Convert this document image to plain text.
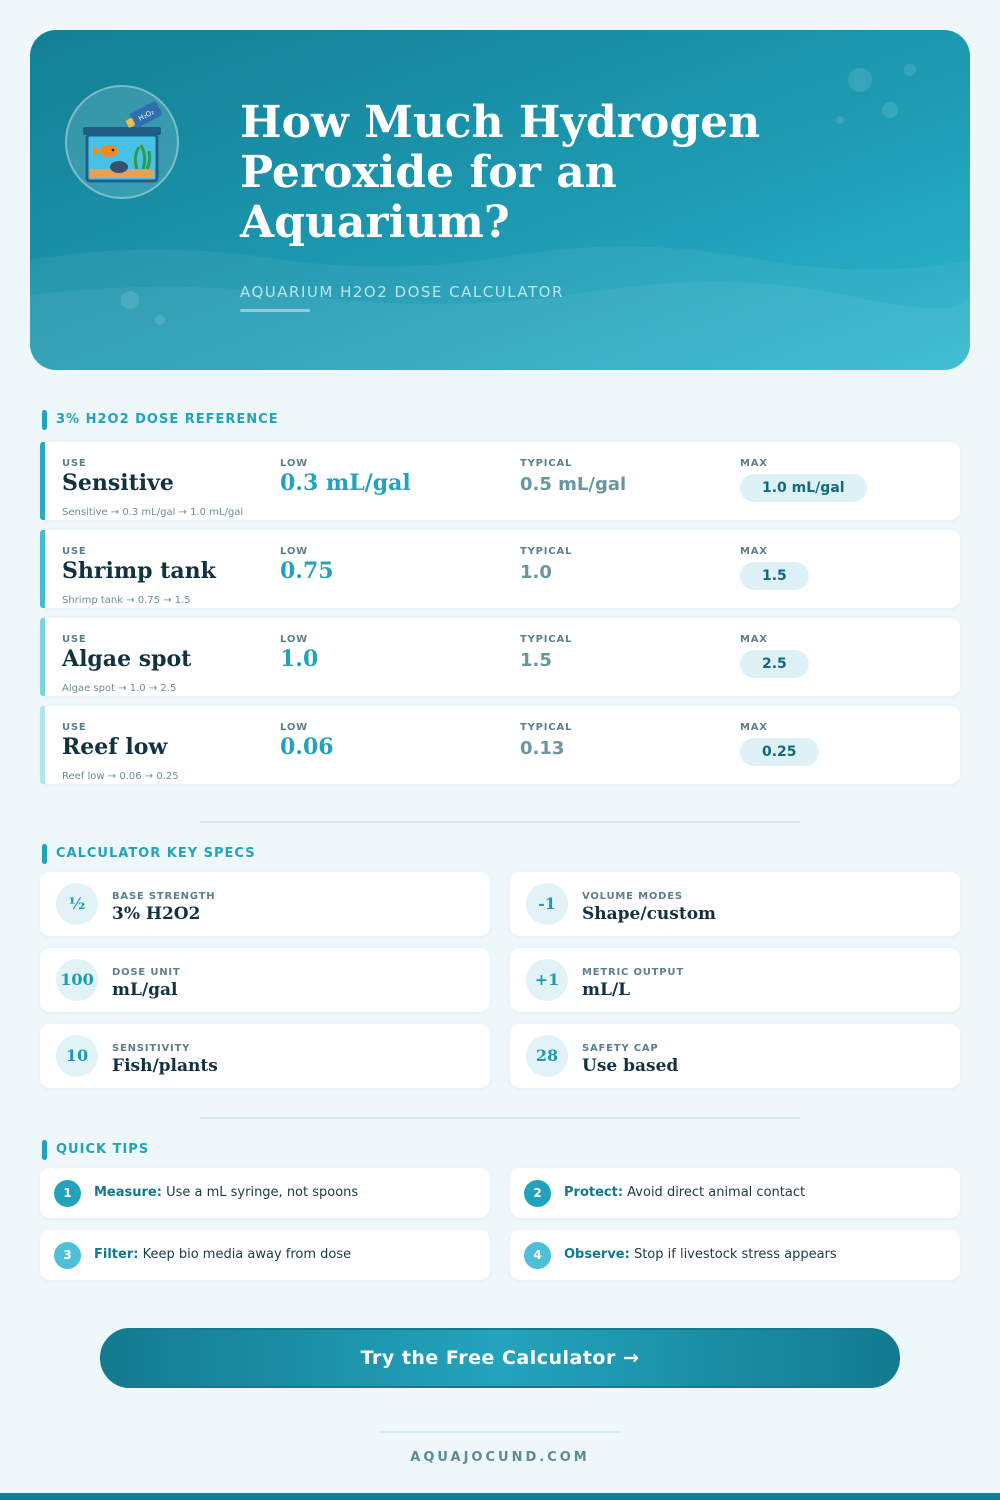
H₂O₂ How Much Hydrogen Peroxide for an Aquarium?
AQUARIUM H2O2 DOSE CALCULATOR
3% H2O2 DOSE REFERENCE
USE	LOW	TYPICAL	MAX
Sensitive	0.3 mL/gal	0.5 mL/gal	1.0 mL/gal
Sensitive → 0.3 mL/gal → 1.0 mL/gal
USE	LOW	TYPICAL	MAX
Shrimp tank	0.75	1.0	1.5
Shrimp tank → 0.75 → 1.5
USE	LOW	TYPICAL	MAX
Algae spot	1.0	1.5	2.5
Algae spot → 1.0 → 2.5
USE	LOW	TYPICAL	MAX
Reef low	0.06	0.13	0.25
Reef low → 0.06 → 0.25
CALCULATOR KEY SPECS
½	BASE STRENGTH
3% H2O2
-1	VOLUME MODES
Shape/custom
100	DOSE UNIT
mL/gal
+1	METRIC OUTPUT
mL/L
10	SENSITIVITY
Fish/plants
28	SAFETY CAP
Use based
QUICK TIPS
1	Measure: Use a mL syringe, not spoons	2	Protect: Avoid direct animal contact
3	Filter: Keep bio media away from dose	4	Observe: Stop if livestock stress appears
Try the Free Calculator →
AQUAJOCUND.COM
